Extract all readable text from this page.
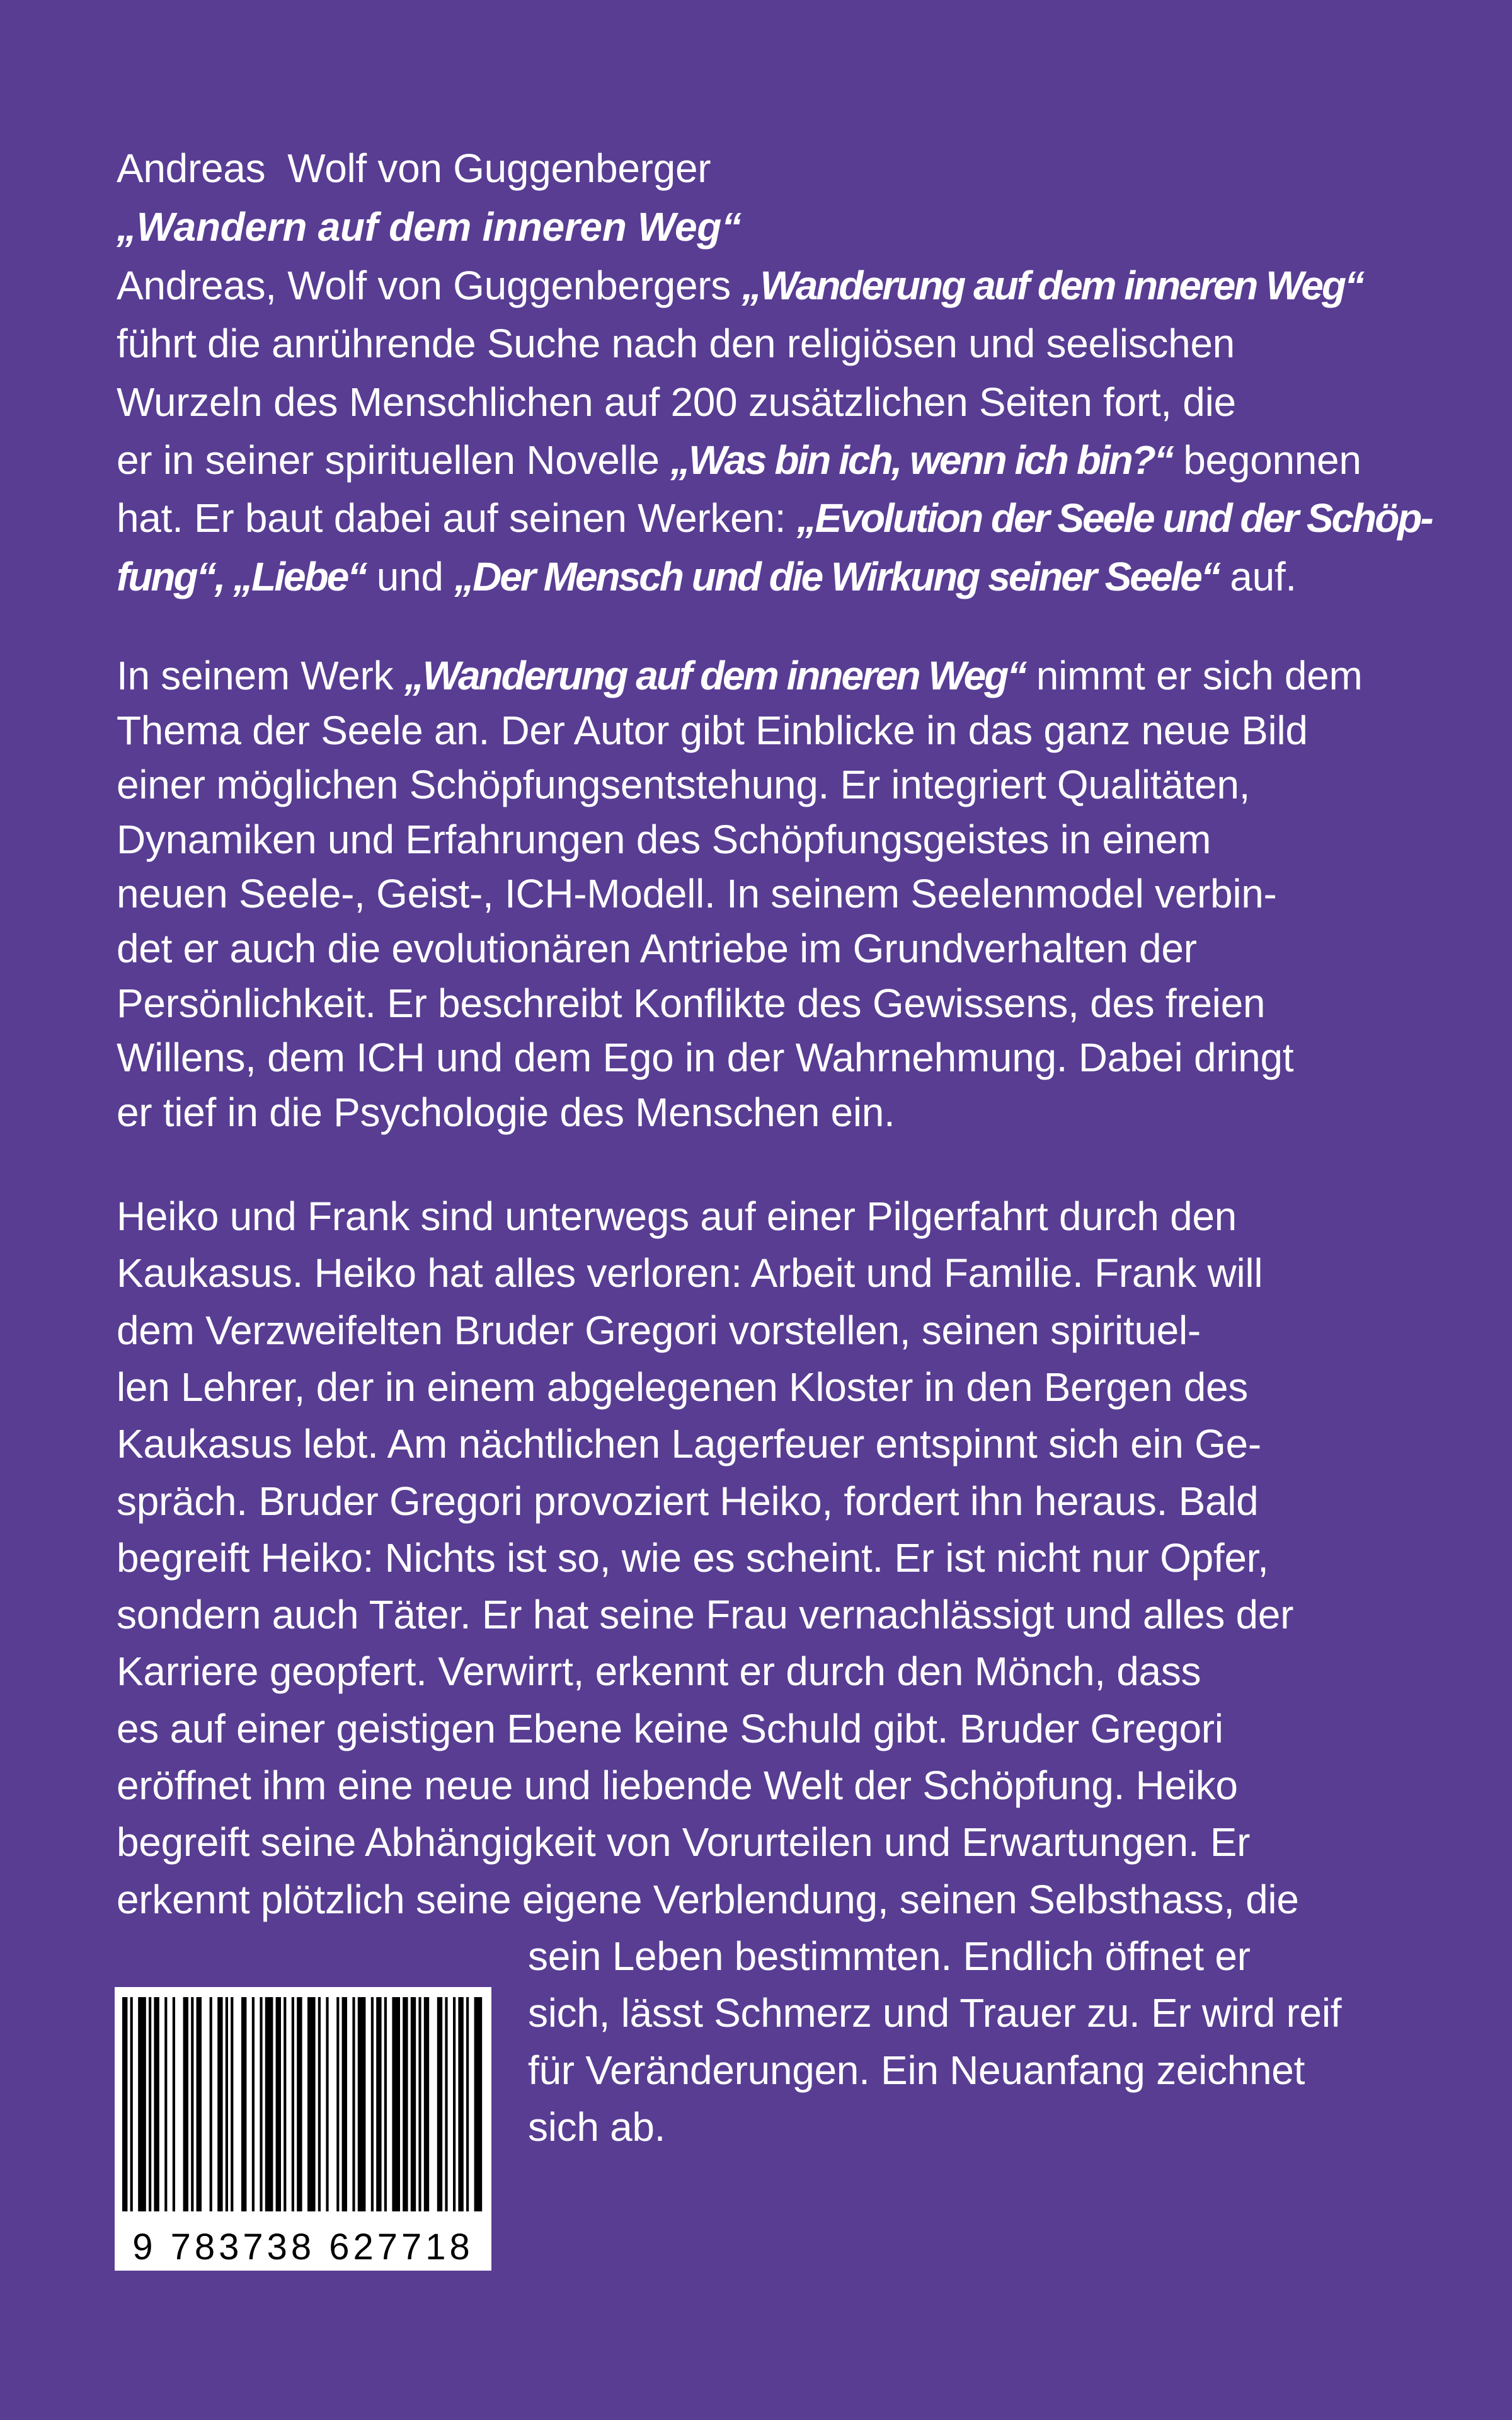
Andreas  Wolf von Guggenberger
„Wandern auf dem inneren Weg“
Andreas, Wolf von Guggenbergers „Wanderung auf dem inneren Weg“
führt die anrührende Suche nach den religiösen und seelischen
Wurzeln des Menschlichen auf 200 zusätzlichen Seiten fort, die
er in seiner spirituellen Novelle „Was bin ich, wenn ich bin?“ begonnen
hat. Er baut dabei auf seinen Werken: „Evolution der Seele und der Schöp-
fung“, „Liebe“ und „Der Mensch und die Wirkung seiner Seele“ auf.
In seinem Werk „Wanderung auf dem inneren Weg“ nimmt er sich dem
Thema der Seele an. Der Autor gibt Einblicke in das ganz neue Bild
einer möglichen Schöpfungsentstehung. Er integriert Qualitäten,
Dynamiken und Erfahrungen des Schöpfungsgeistes in einem
neuen Seele-, Geist-, ICH-Modell. In seinem Seelenmodel verbin-
det er auch die evolutionären Antriebe im Grundverhalten der
Persönlichkeit. Er beschreibt Konflikte des Gewissens, des freien
Willens, dem ICH und dem Ego in der Wahrnehmung. Dabei dringt
er tief in die Psychologie des Menschen ein.
Heiko und Frank sind unterwegs auf einer Pilgerfahrt durch den
Kaukasus. Heiko hat alles verloren: Arbeit und Familie. Frank will
dem Verzweifelten Bruder Gregori vorstellen, seinen spirituel-
len Lehrer, der in einem abgelegenen Kloster in den Bergen des
Kaukasus lebt. Am nächtlichen Lagerfeuer entspinnt sich ein Ge-
spräch. Bruder Gregori provoziert Heiko, fordert ihn heraus. Bald
begreift Heiko: Nichts ist so, wie es scheint. Er ist nicht nur Opfer,
sondern auch Täter. Er hat seine Frau vernachlässigt und alles der
Karriere geopfert. Verwirrt, erkennt er durch den Mönch, dass
es auf einer geistigen Ebene keine Schuld gibt. Bruder Gregori
eröffnet ihm eine neue und liebende Welt der Schöpfung. Heiko
begreift seine Abhängigkeit von Vorurteilen und Erwartungen. Er
erkennt plötzlich seine eigene Verblendung, seinen Selbsthass, die
sein Leben bestimmten. Endlich öffnet er
sich, lässt Schmerz und Trauer zu. Er wird reif
für Veränderungen. Ein Neuanfang zeichnet
sich ab.
9 783738 627718
